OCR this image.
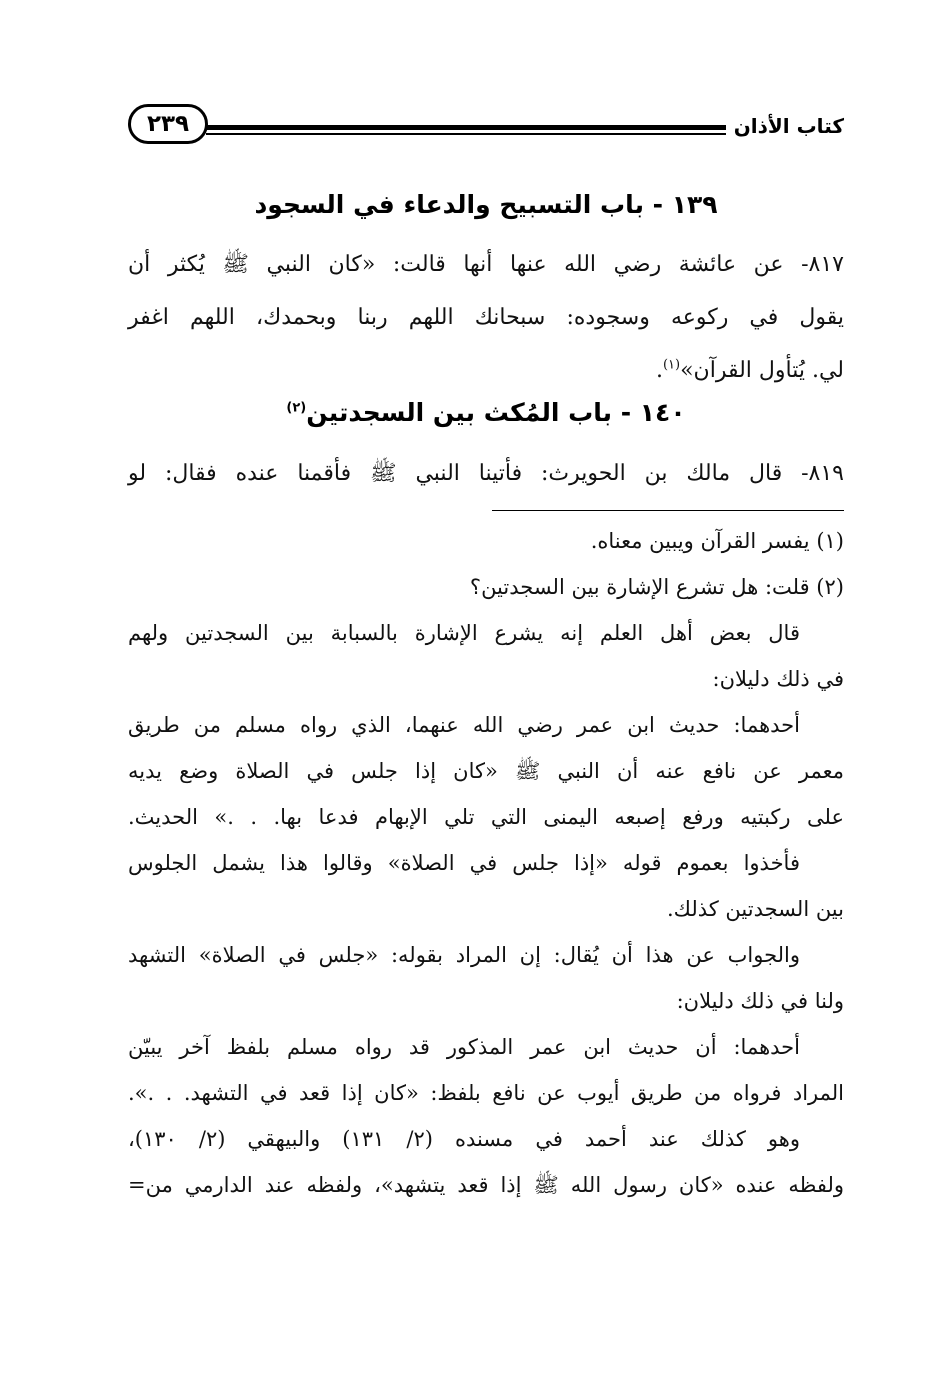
كتاب الأذان
٢٣٩
١٣٩ - باب التسبيح والدعاء في السجود

٨١٧- عن عائشة رضي الله عنها أنها قالت: «كان النبي ﷺ يُكثر أن

يقول في ركوعه وسجوده: سبحانك اللهم ربنا وبحمدك، اللهم اغفر

لي. يُتأول القرآن»$^{(١)}$.

١٤٠ - باب المُكث بين السجدتين$^{(٢)}$

٨١٩- قال مالك بن الحويرث: فأتينا النبي ﷺ فأقمنا عنده فقال: لو

(١) يفسر القرآن ويبين معناه.

(٢) قلت: هل تشرع الإشارة بين السجدتين؟

قال بعض أهل العلم إنه يشرع الإشارة بالسبابة بين السجدتين ولهم

في ذلك دليلان:

أحدهما: حديث ابن عمر رضي الله عنهما، الذي رواه مسلم من طريق

معمر عن نافع عنه أن النبي ﷺ «كان إذا جلس في الصلاة وضع يديه

على ركبتيه ورفع إصبعه اليمنى التي تلي الإبهام فدعا بها. . .» الحديث.

فأخذوا بعموم قوله «إذا جلس في الصلاة» وقالوا هذا يشمل الجلوس

بين السجدتين كذلك.

والجواب عن هذا أن يُقال: إن المراد بقوله: «جلس في الصلاة» التشهد

ولنا في ذلك دليلان:

أحدهما: أن حديث ابن عمر المذكور قد رواه مسلم بلفظ آخر يبيّن

المراد فرواه من طريق أيوب عن نافع بلفظ: «كان إذا قعد في التشهد. . .».

وهو كذلك عند أحمد في مسنده (٢/ ١٣١) والبيهقي (٢/ ١٣٠)،

ولفظه عنده «كان رسول الله ﷺ إذا قعد يتشهد»، ولفظه عند الدارمي من=
